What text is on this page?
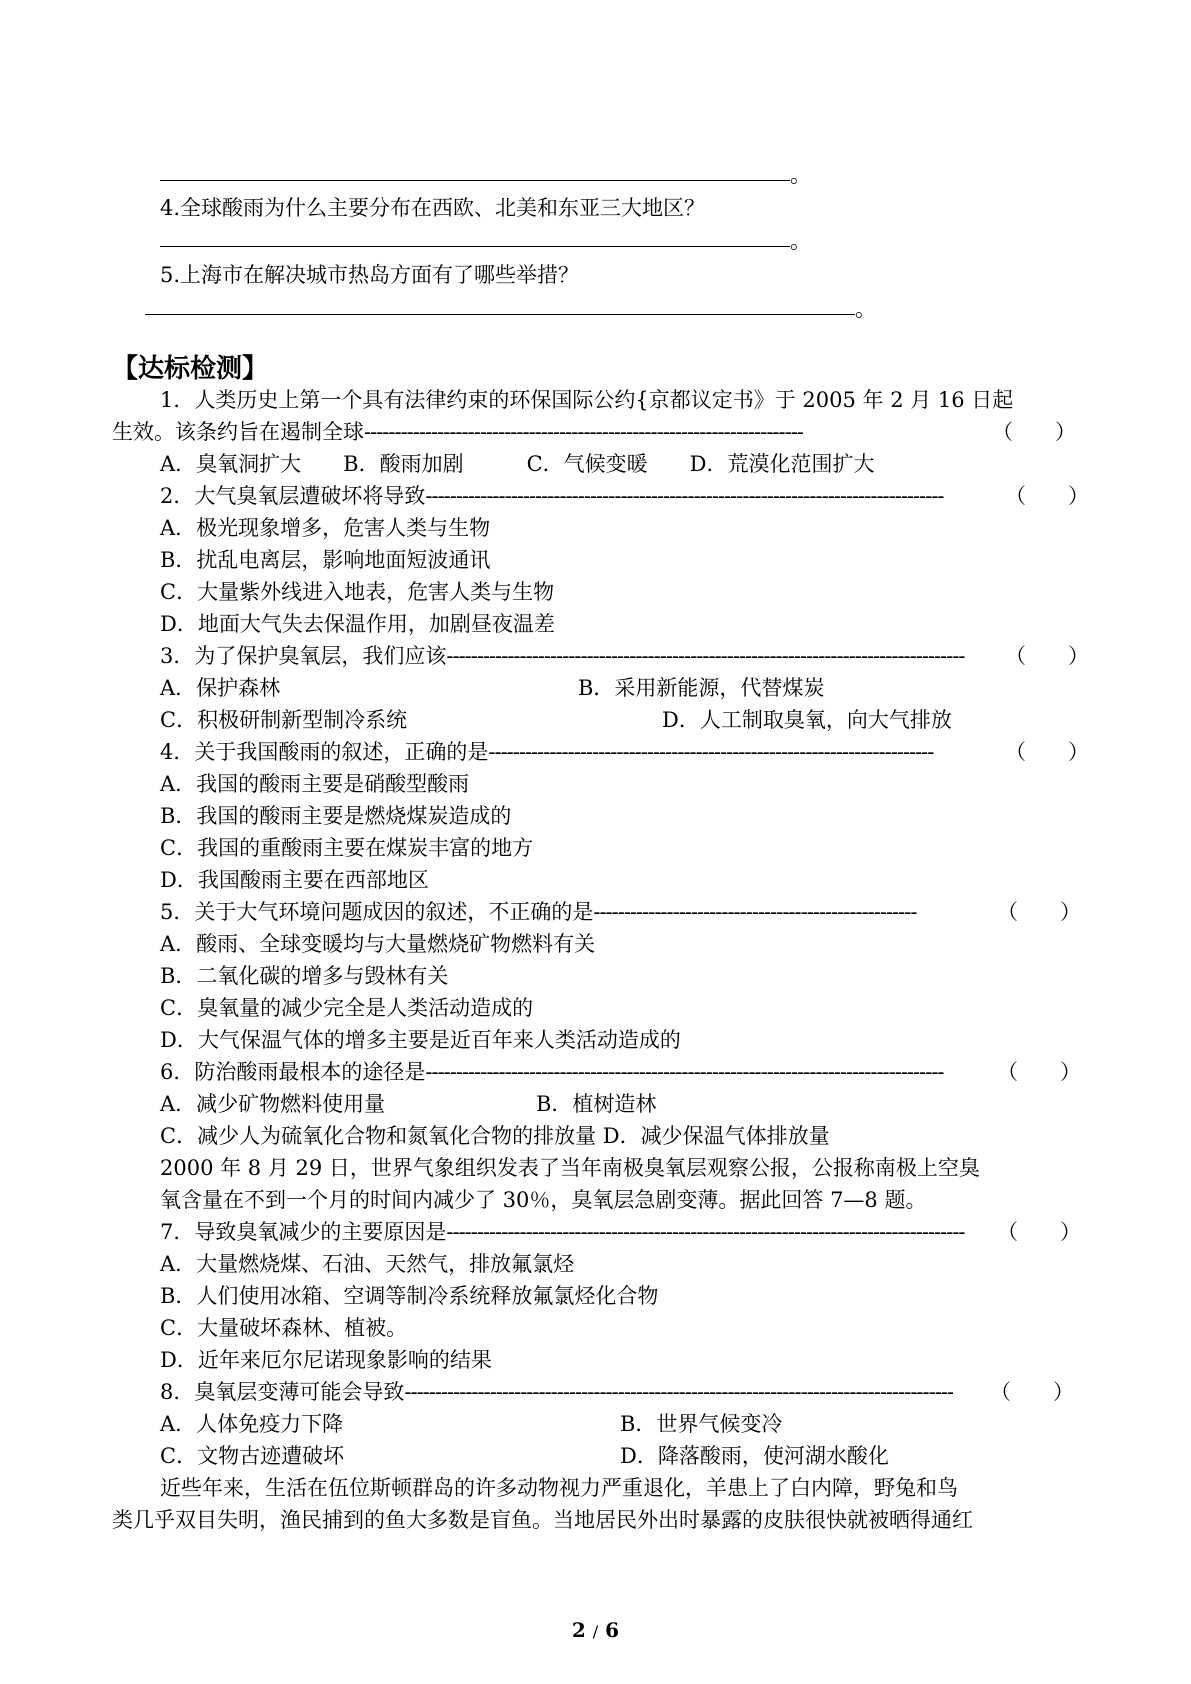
。
4.全球酸雨为什么主要分布在西欧、北美和东亚三大地区？
。
5.上海市在解决城市热岛方面有了哪些举措？
。
【达标检测】
1．人类历史上第一个具有法律约束的环保国际公约{京都议定书》于 2005 年 2 月 16 日起
生效。该条约旨在遏制全球------------------------------------------------------------------------	（　　）
A．臭氧洞扩大　　B．酸雨加剧　　　C．气候变暖　　D．荒漠化范围扩大
2．大气臭氧层遭破坏将导致-------------------------------------------------------------------------------------	（　　）
A．极光现象增多，危害人类与生物
B．扰乱电离层，影响地面短波通讯
C．大量紫外线进入地表，危害人类与生物
D．地面大气失去保温作用，加剧昼夜温差
3．为了保护臭氧层，我们应该------------------------------------------------------------------------------------- （　　）
A．保护森林	B．采用新能源，代替煤炭
C．积极研制新型制冷系统	D．人工制取臭氧，向大气排放
4．关于我国酸雨的叙述，正确的是-------------------------------------------------------------------------	（　　）
A．我国的酸雨主要是硝酸型酸雨
B．我国的酸雨主要是燃烧煤炭造成的
C．我国的重酸雨主要在煤炭丰富的地方
D．我国酸雨主要在西部地区
5．关于大气环境问题成因的叙述，不正确的是-----------------------------------------------------	（　　）
A．酸雨、全球变暖均与大量燃烧矿物燃料有关
B．二氧化碳的增多与毁林有关
C．臭氧量的减少完全是人类活动造成的
D．大气保温气体的增多主要是近百年来人类活动造成的
6．防治酸雨最根本的途径是-------------------------------------------------------------------------------------	（　　）
A．减少矿物燃料使用量	B．植树造林
C．减少人为硫氧化合物和氮氧化合物的排放量 D．减少保温气体排放量
2000 年 8 月 29 日，世界气象组织发表了当年南极臭氧层观察公报，公报称南极上空臭
氧含量在不到一个月的时间内减少了 30％，臭氧层急剧变薄。据此回答 7—8 题。
7．导致臭氧减少的主要原因是------------------------------------------------------------------------------------- （　　）
A．大量燃烧煤、石油、天然气，排放氟氯烃
B．人们使用冰箱、空调等制冷系统释放氟氯烃化合物
C．大量破坏森林、植被。
D．近年来厄尔尼诺现象影响的结果
8．臭氧层变薄可能会导致------------------------------------------------------------------------------------------ （　　）
A．人体免疫力下降	B．世界气候变冷
C．文物古迹遭破坏	D．降落酸雨，使河湖水酸化
近些年来，生活在伍位斯顿群岛的许多动物视力严重退化，羊患上了白内障，野兔和鸟
类几乎双目失明，渔民捕到的鱼大多数是盲鱼。当地居民外出时暴露的皮肤很快就被晒得通红
2 / 6
